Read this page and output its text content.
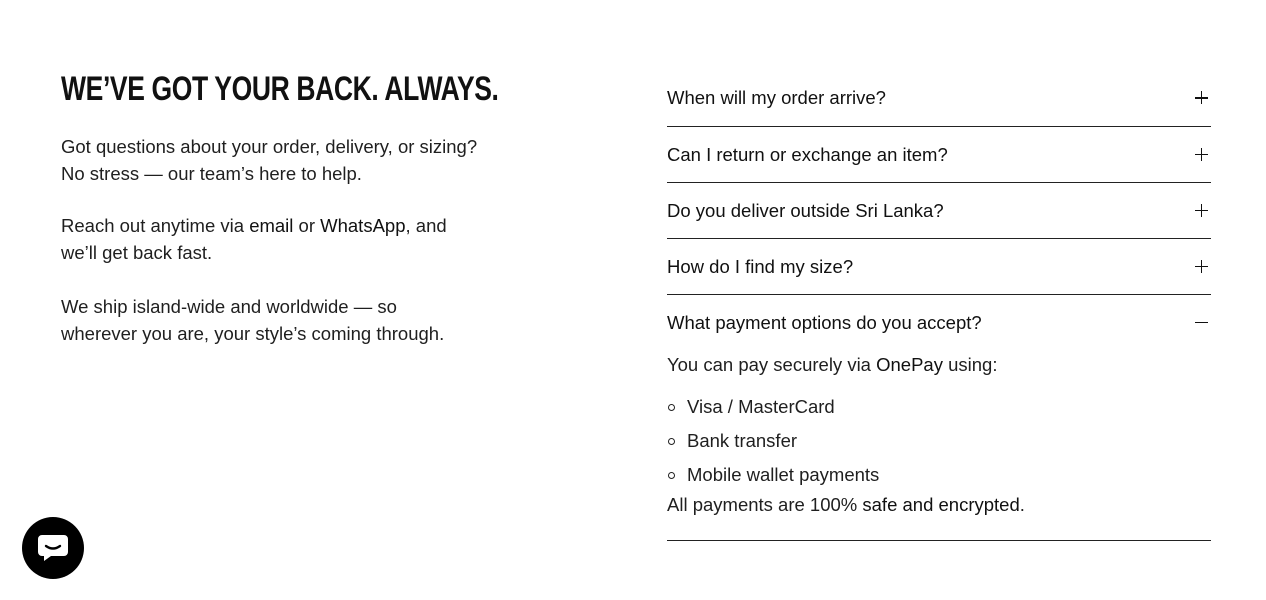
WE’VE GOT YOUR BACK. ALWAYS.

Got questions about your order, delivery, or sizing?
No stress — our team’s here to help.

Reach out anytime via email or WhatsApp, and
we’ll get back fast.

We ship island-wide and worldwide — so
wherever you are, your style’s coming through.

When will my order arrive?
Can I return or exchange an item?
Do you deliver outside Sri Lanka?
How do I find my size?
What payment options do you accept?

You can pay securely via OnePay using:

Visa / MasterCard
Bank transfer
Mobile wallet payments

All payments are 100% safe and encrypted.
